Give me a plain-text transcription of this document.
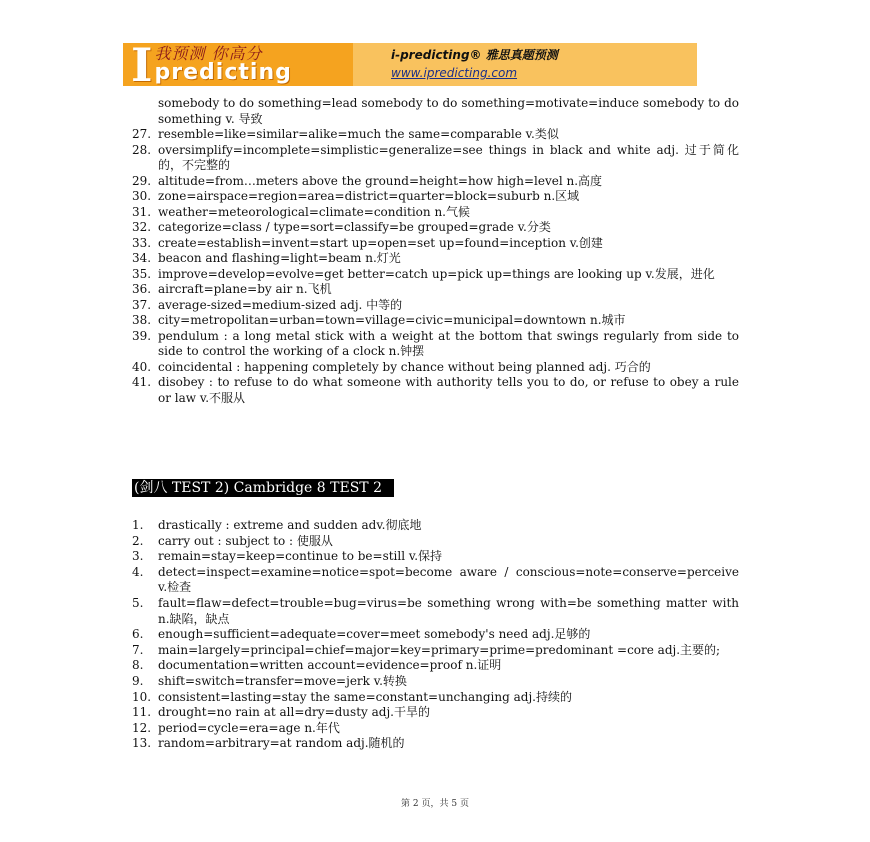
I 我预测 你高分
predicting
i-predicting® 雅思真题预测
www.ipredicting.com
somebody to do something=lead somebody to do something=motivate=induce somebody to do something v. 导致
27. resemble=like=similar=alike=much the same=comparable v.类似
28. oversimplify=incomplete=simplistic=generalize=see things in black and white adj. 过于简化的，不完整的
29. altitude=from…meters above the ground=height=how high=level n.高度
30. zone=airspace=region=area=district=quarter=block=suburb n.区域
31. weather=meteorological=climate=condition n.气候
32. categorize=class / type=sort=classify=be grouped=grade v.分类
33. create=establish=invent=start up=open=set up=found=inception v.创建
34. beacon and flashing=light=beam n.灯光
35. improve=develop=evolve=get better=catch up=pick up=things are looking up v.发展，进化
36. aircraft=plane=by air n.飞机
37. average-sized=medium-sized adj. 中等的
38. city=metropolitan=urban=town=village=civic=municipal=downtown n.城市
39. pendulum : a long metal stick with a weight at the bottom that swings regularly from side to side to control the working of a clock n.钟摆
40. coincidental : happening completely by chance without being planned adj. 巧合的
41. disobey : to refuse to do what someone with authority tells you to do, or refuse to obey a rule or law v.不服从
(剑八 TEST 2) Cambridge 8 TEST 2
1.	drastically : extreme and sudden adv.彻底地
2.	carry out : subject to : 使服从
3.	remain=stay=keep=continue to be=still v.保持
4.	detect=inspect=examine=notice=spot=become aware / conscious=note=conserve=perceive v.检查
5.	fault=flaw=defect=trouble=bug=virus=be something wrong with=be something matter with n.缺陷，缺点
6.	enough=sufficient=adequate=cover=meet somebody's need adj.足够的
7.	main=largely=principal=chief=major=key=primary=prime=predominant =core adj.主要的;
8.	documentation=written account=evidence=proof n.证明
9.	shift=switch=transfer=move=jerk v.转换
10. consistent=lasting=stay the same=constant=unchanging adj.持续的
11. drought=no rain at all=dry=dusty adj.干旱的
12. period=cycle=era=age n.年代
13. random=arbitrary=at random adj.随机的
第 2 页，共 5 页
